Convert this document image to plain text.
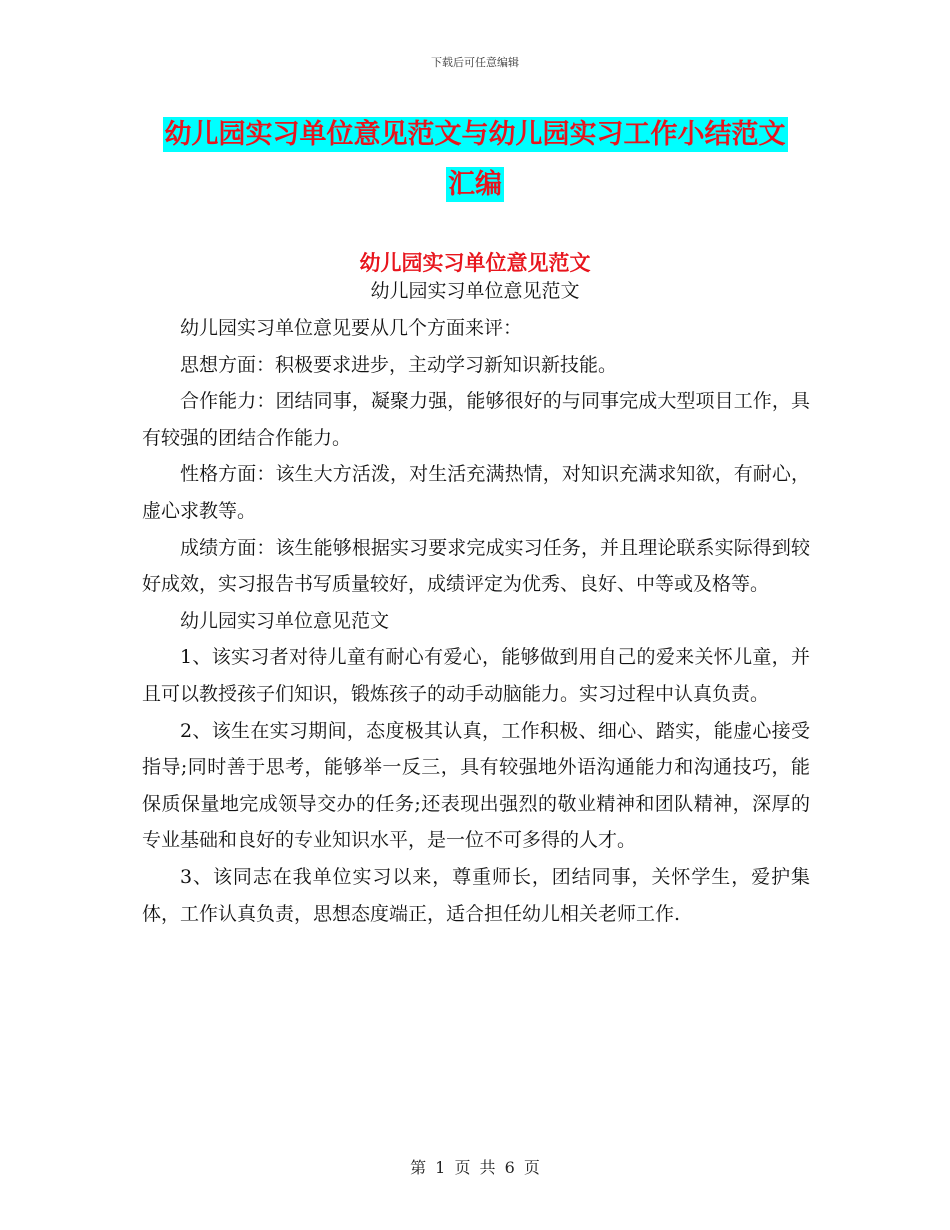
下载后可任意编辑
幼儿园实习单位意见范文与幼儿园实习工作小结范文
汇编
幼儿园实习单位意见范文
幼儿园实习单位意见范文

幼儿园实习单位意见要从几个方面来评：

思想方面：积极要求进步，主动学习新知识新技能。

合作能力：团结同事，凝聚力强，能够很好的与同事完成大型项目工作，具有较强的团结合作能力。

性格方面：该生大方活泼，对生活充满热情，对知识充满求知欲，有耐心，虚心求教等。

成绩方面：该生能够根据实习要求完成实习任务，并且理论联系实际得到较好成效，实习报告书写质量较好，成绩评定为优秀、良好、中等或及格等。

幼儿园实习单位意见范文

1、该实习者对待儿童有耐心有爱心，能够做到用自己的爱来关怀儿童，并且可以教授孩子们知识，锻炼孩子的动手动脑能力。实习过程中认真负责。

2、该生在实习期间，态度极其认真，工作积极、细心、踏实，能虚心接受指导;同时善于思考，能够举一反三，具有较强地外语沟通能力和沟通技巧，能保质保量地完成领导交办的任务;还表现出强烈的敬业精神和团队精神，深厚的专业基础和良好的专业知识水平，是一位不可多得的人才。

3、该同志在我单位实习以来，尊重师长，团结同事，关怀学生，爱护集体，工作认真负责，思想态度端正，适合担任幼儿相关老师工作.

第 1 页 共 6 页
